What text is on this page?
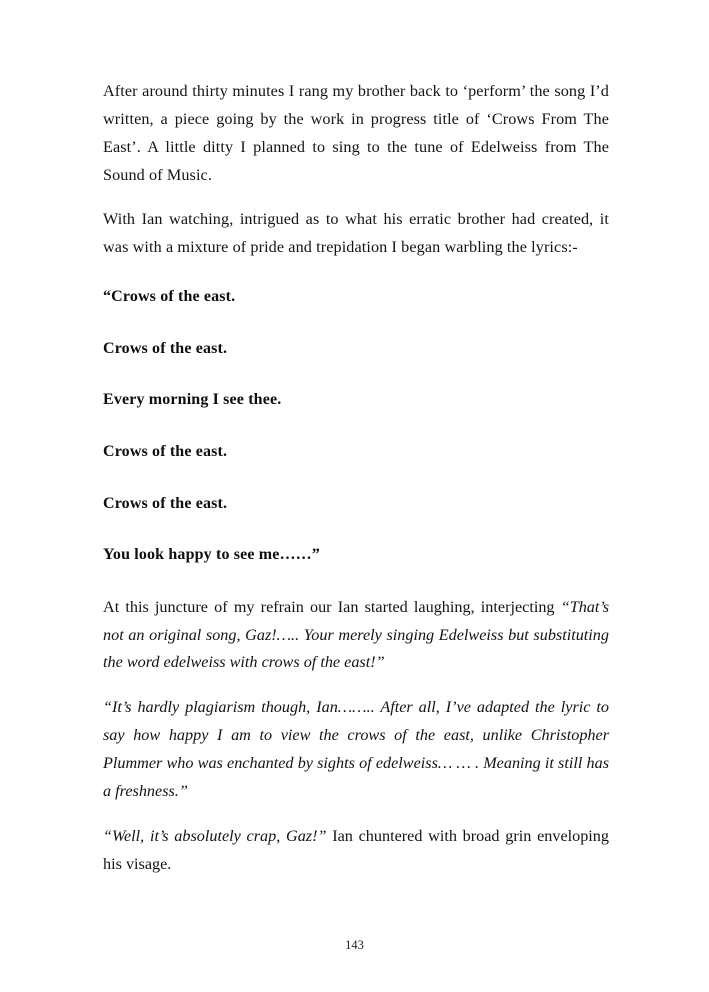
After around thirty minutes I rang my brother back to ‘perform’ the song I’d written, a piece going by the work in progress title of ‘Crows From The East’. A little ditty I planned to sing to the tune of Edelweiss from The Sound of Music.

With Ian watching, intrigued as to what his erratic brother had created, it was with a mixture of pride and trepidation I began warbling the lyrics:-

“Crows of the east.

Crows of the east.

Every morning I see thee.

Crows of the east.

Crows of the east.

You look happy to see me……”

At this juncture of my refrain our Ian started laughing, interjecting “That’s not an original song, Gaz!….. Your merely singing Edelweiss but substituting the word edelweiss with crows of the east!”

“It’s hardly plagiarism though, Ian…….. After all, I’ve adapted the lyric to say how happy I am to view the crows of the east, unlike Christopher Plummer who was enchanted by sights of edelweiss… … . Meaning it still has a freshness.”

“Well, it’s absolutely crap, Gaz!” Ian chuntered with broad grin enveloping his visage.

143
